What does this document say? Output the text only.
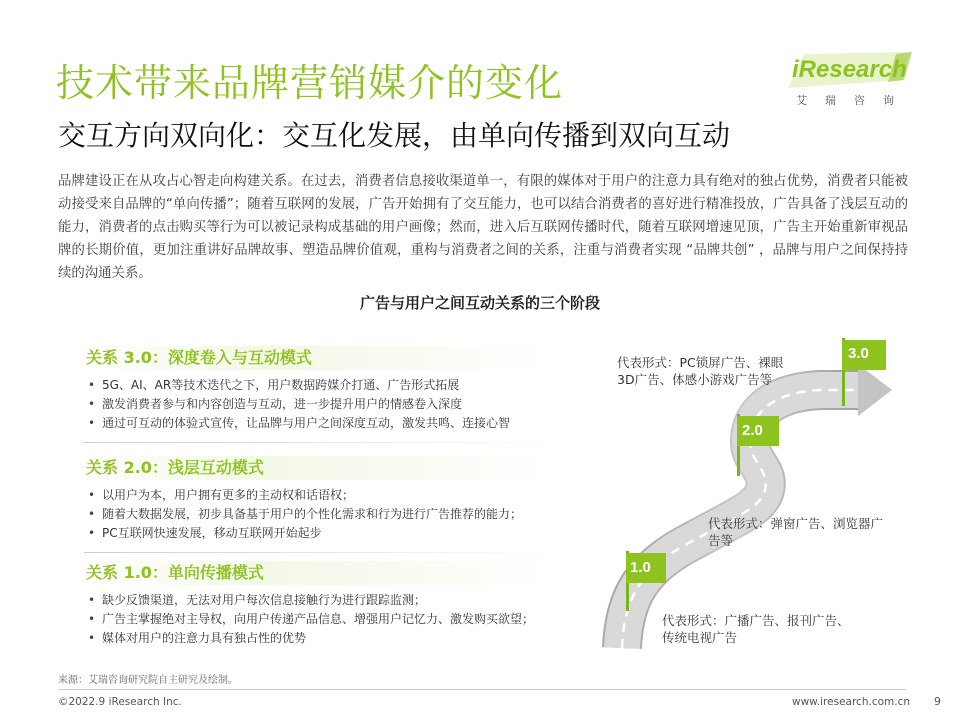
技术带来品牌营销媒介的变化
交互方向双向化：交互化发展，由单向传播到双向互动
iResearch
艾瑞咨询

品牌建设正在从攻占心智走向构建关系。在过去，消费者信息接收渠道单一，有限的媒体对于用户的注意力具有绝对的独占优势，消费者只能被动接受来自品牌的“单向传播”；随着互联网的发展，广告开始拥有了交互能力，也可以结合消费者的喜好进行精准投放，广告具备了浅层互动的能力，消费者的点击购买等行为可以被记录构成基础的用户画像；然而，进入后互联网传播时代，随着互联网增速见顶，广告主开始重新审视品牌的长期价值，更加注重讲好品牌故事、塑造品牌价值观，重构与消费者之间的关系，注重与消费者实现 “品牌共创” ，品牌与用户之间保持持续的沟通关系。

广告与用户之间互动关系的三个阶段
关系 3.0：深度卷入与互动模式
• 5G、AI、AR等技术迭代之下，用户数据跨媒介打通、广告形式拓展
• 激发消费者参与和内容创造与互动，进一步提升用户的情感卷入深度
• 通过可互动的体验式宣传，让品牌与用户之间深度互动，激发共鸣、连接心智
关系 2.0：浅层互动模式
• 以用户为本，用户拥有更多的主动权和话语权；
• 随着大数据发展，初步具备基于用户的个性化需求和行为进行广告推荐的能力；
• PC互联网快速发展，移动互联网开始起步
关系 1.0：单向传播模式
• 缺少反馈渠道，无法对用户每次信息接触行为进行跟踪监测；
• 广告主掌握绝对主导权，向用户传递产品信息、增强用户记忆力、激发购买欲望；
• 媒体对用户的注意力具有独占性的优势
3.0
2.0
1.0
代表形式：PC锁屏广告、裸眼
3D广告、体感小游戏广告等
代表形式：弹窗广告、浏览器广
告等
代表形式：广播广告、报刊广告、
传统电视广告
来源：艾瑞咨询研究院自主研究及绘制。
©2022.9 iResearch Inc.	www.iresearch.com.cn 9
